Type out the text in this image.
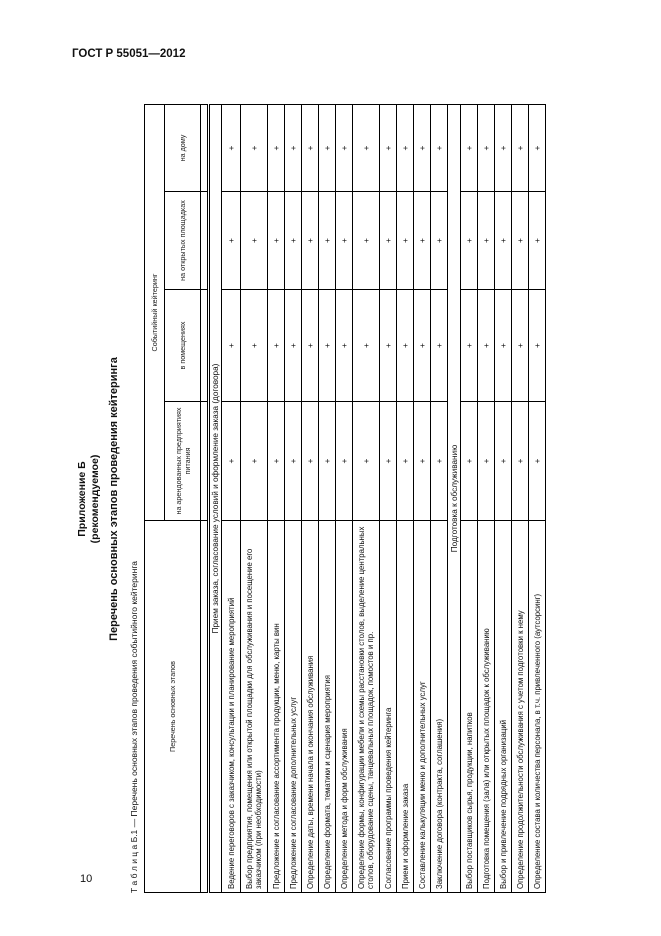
ГОСТ Р 55051—2012
10
Приложение Б (рекомендуемое) Перечень основных этапов проведения кейтеринга
Т а б л и ц а Б.1 — Перечень основных этапов проведения событийного кейтеринга	Перечень основных этапов	Событийный кейтеринг			
	на арендованных предприятиях питания	в помещениях	на открытых площадках	на дому

Прием заказа, согласование условий и оформление заказа (договора)				
Ведение переговоров с заказчиком, консультации и планирование мероприятий	+	+	+	+
Выбор предприятия, помещения или открытой площадки для обслуживания и посещение его заказчиком (при необходимости)	+	+	+	+
Предложение и согласование ассортимента продукции, меню, карты вин	+	+	+	+
Предложение и согласование дополнительных услуг	+	+	+	+
Определение даты, времени начала и окончания обслуживания	+	+	+	+
Определение формата, тематики и сценария мероприятия	+	+	+	+
Определение метода и форм обслуживания	+	+	+	+
Определение формы, конфигурации мебели и схемы расстановки столов, выделение центральных столов, оборудование сцены, танцевальных площадок, помостов и пр.	+	+	+	+
Согласование программы проведения кейтеринга	+	+	+	+
Прием и оформление заказа	+	+	+	+
Составление калькуляции меню и дополнительных услуг	+	+	+	+
Заключение договора (контракта, соглашения)	+	+	+	+
Подготовка к обслуживанию				
Выбор поставщиков сырья, продукции, напитков	+	+	+	+
Подготовка помещения (зала) или открытых площадок к обслуживанию	+	+	+	+
Выбор и привлечение подрядных организаций	+	+	+	+
Определение продолжительности обслуживания с учетом подготовки к нему	+	+	+	+
Определение состава и количества персонала, в т.ч. привлеченного (аутсорсинг)	+	+	+	+
